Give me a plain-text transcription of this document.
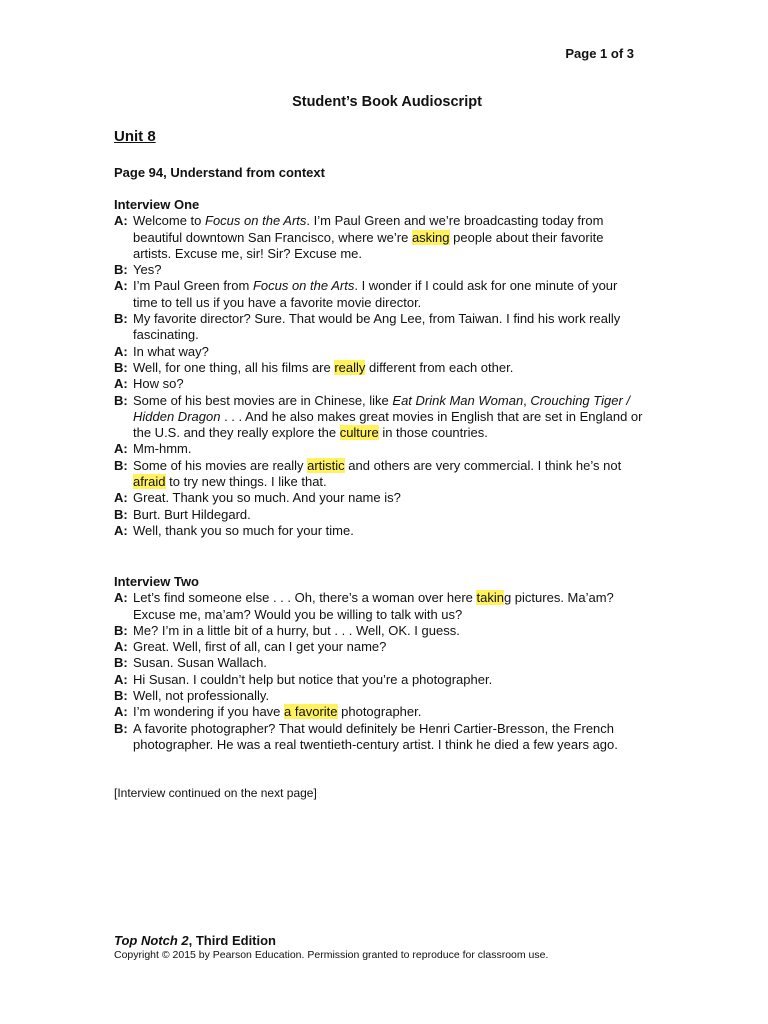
Page 1 of 3
Student’s Book Audioscript
Unit 8
Page 94, Understand from context

Interview One

A: Welcome to Focus on the Arts. I’m Paul Green and we’re broadcasting today from beautiful downtown San Francisco, where we’re asking people about their favorite artists. Excuse me, sir! Sir? Excuse me.

B: Yes?

A: I’m Paul Green from Focus on the Arts. I wonder if I could ask for one minute of your time to tell us if you have a favorite movie director.

B: My favorite director? Sure. That would be Ang Lee, from Taiwan. I find his work really fascinating.

A: In what way?

B: Well, for one thing, all his films are really different from each other.

A: How so?

B: Some of his best movies are in Chinese, like Eat Drink Man Woman, Crouching Tiger / Hidden Dragon . . . And he also makes great movies in English that are set in England or the U.S. and they really explore the culture in those countries.

A: Mm-hmm.

B: Some of his movies are really artistic and others are very commercial. I think he’s not afraid to try new things. I like that.

A: Great. Thank you so much. And your name is?

B: Burt. Burt Hildegard.

A: Well, thank you so much for your time.

Interview Two

A: Let’s find someone else . . . Oh, there’s a woman over here taking pictures. Ma’am? Excuse me, ma’am? Would you be willing to talk with us?

B: Me? I’m in a little bit of a hurry, but . . . Well, OK. I guess.

A: Great. Well, first of all, can I get your name?

B: Susan. Susan Wallach.

A: Hi Susan. I couldn’t help but notice that you’re a photographer.

B: Well, not professionally.

A: I’m wondering if you have a favorite photographer.

B: A favorite photographer? That would definitely be Henri Cartier-Bresson, the French photographer. He was a real twentieth-century artist. I think he died a few years ago.

[Interview continued on the next page]
Top Notch 2, Third Edition
Copyright © 2015 by Pearson Education. Permission granted to reproduce for classroom use.
